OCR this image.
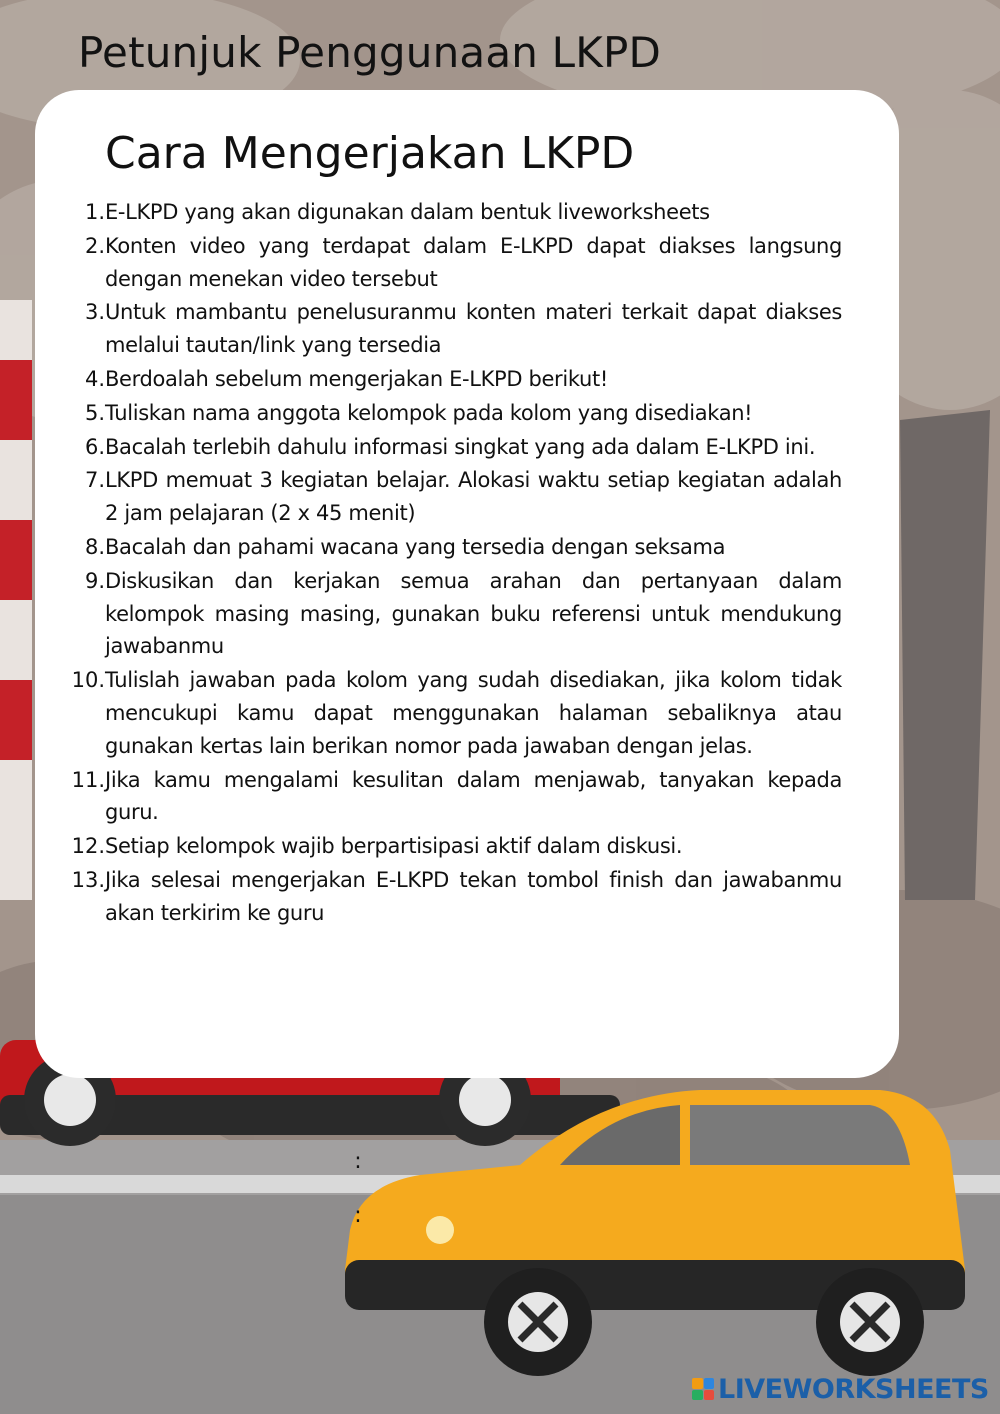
Petunjuk Penggunaan LKPD
Cara Mengerjakan LKPD
1. E-LKPD yang akan digunakan dalam bentuk liveworksheets
2. Konten video yang terdapat dalam E-LKPD dapat diakses langsung dengan menekan video tersebut
3. Untuk mambantu penelusuranmu konten materi terkait dapat diakses melalui tautan/link yang tersedia
4. Berdoalah sebelum mengerjakan E-LKPD berikut!
5. Tuliskan nama anggota kelompok pada kolom yang disediakan!
6. Bacalah terlebih dahulu informasi singkat yang ada dalam E-LKPD ini.
7. LKPD memuat 3 kegiatan belajar. Alokasi waktu setiap kegiatan adalah 2 jam pelajaran (2 x 45 menit)
8. Bacalah dan pahami wacana yang tersedia dengan seksama
9. Diskusikan dan kerjakan semua arahan dan pertanyaan dalam kelompok masing masing, gunakan buku referensi untuk mendukung jawabanmu
10. Tulislah jawaban pada kolom yang sudah disediakan, jika kolom tidak mencukupi kamu dapat menggunakan halaman sebaliknya atau gunakan kertas lain berikan nomor pada jawaban dengan jelas.
11. Jika kamu mengalami kesulitan dalam menjawab, tanyakan kepada guru.
12. Setiap kelompok wajib berpartisipasi aktif dalam diskusi.
13. Jika selesai mengerjakan E-LKPD tekan tombol finish dan jawabanmu akan terkirim ke guru
:
:
LIVEWORKSHEETS
